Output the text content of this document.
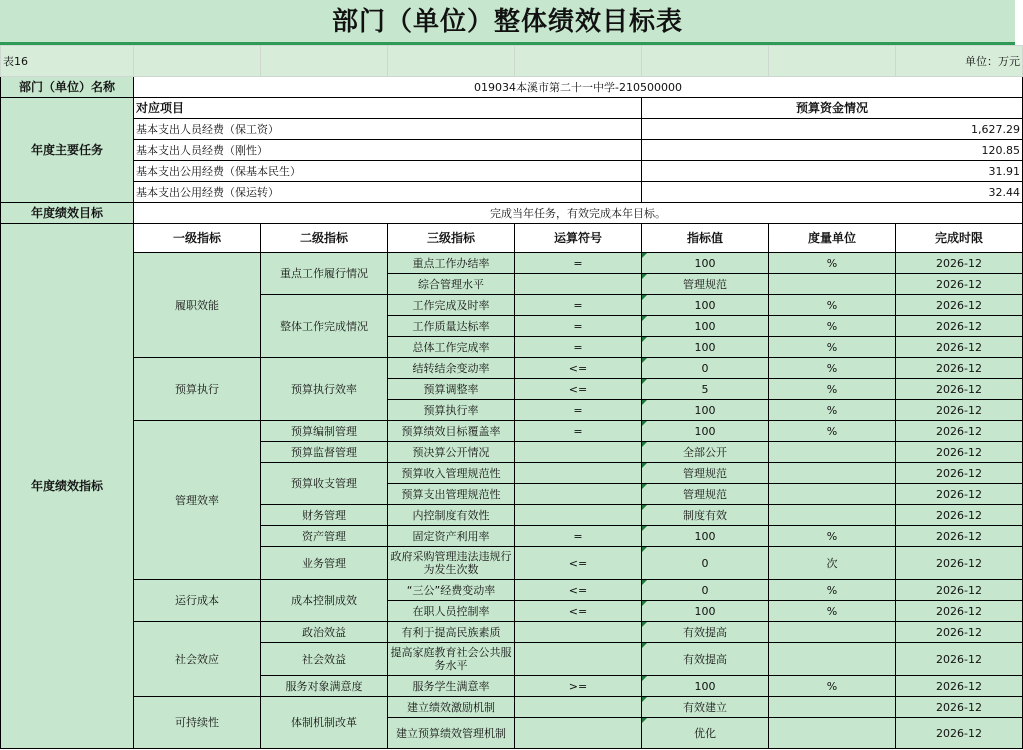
部门（单位）整体绩效目标表
表16							单位：万元
部门（单位）名称	019034本溪市第二十一中学-210500000						
年度主要任务	对应项目				预算资金情况		
	基本支出人员经费（保工资）				1,627.29		
	基本支出人员经费（刚性）				120.85		
	基本支出公用经费（保基本民生）				31.91		
	基本支出公用经费（保运转）				32.44		
年度绩效目标	完成当年任务，有效完成本年目标。						
年度绩效指标	一级指标	二级指标	三级指标	运算符号	指标值	度量单位	完成时限
	履职效能	重点工作履行情况	重点工作办结率	=	100	%	2026-12
			综合管理水平		管理规范		2026-12
		整体工作完成情况	工作完成及时率	=	100	%	2026-12
			工作质量达标率	=	100	%	2026-12
			总体工作完成率	=	100	%	2026-12
	预算执行	预算执行效率	结转结余变动率	<=	0	%	2026-12
			预算调整率	<=	5	%	2026-12
			预算执行率	=	100	%	2026-12
	管理效率	预算编制管理	预算绩效目标覆盖率	=	100	%	2026-12
		预算监督管理	预决算公开情况		全部公开		2026-12
		预算收支管理	预算收入管理规范性		管理规范		2026-12
			预算支出管理规范性		管理规范		2026-12
		财务管理	内控制度有效性		制度有效		2026-12
		资产管理	固定资产利用率	=	100	%	2026-12
		业务管理	政府采购管理违法违规行为发生次数	<=	0	次	2026-12
	运行成本	成本控制成效	“三公”经费变动率	<=	0	%	2026-12
			在职人员控制率	<=	100	%	2026-12
	社会效应	政治效益	有利于提高民族素质		有效提高		2026-12
		社会效益	提高家庭教育社会公共服务水平		有效提高		2026-12
		服务对象满意度	服务学生满意率	>=	100	%	2026-12
	可持续性	体制机制改革	建立绩效激励机制		有效建立		2026-12
			建立预算绩效管理机制		优化		2026-12
